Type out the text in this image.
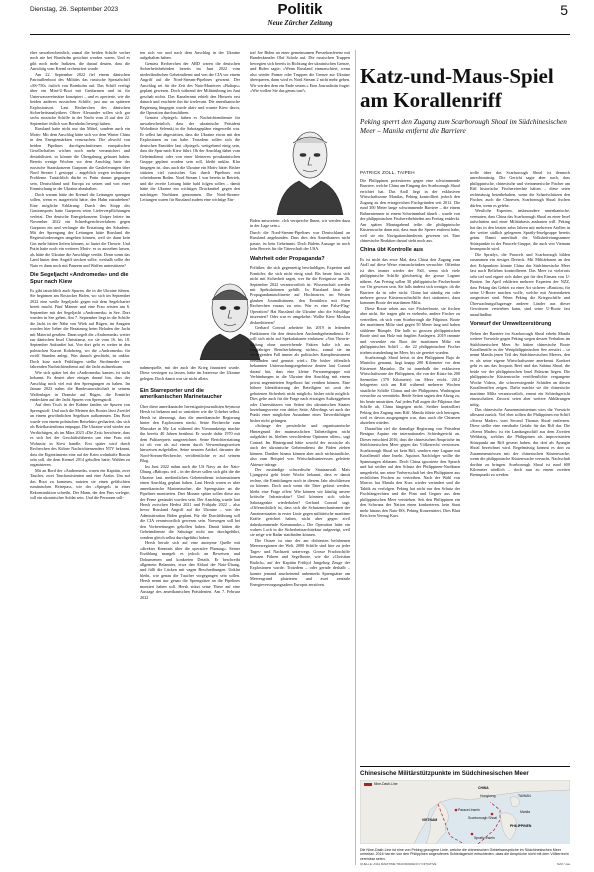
Dienstag, 26. September 2023	Politik
Neue Zürcher Zeitung
5

eher unwahrscheinlich, zumal die beiden Schiffe vorher noch nie bei Bornholm gesichtet worden waren. Und es gibt noch mehr Indizien, die darauf deuten, dass die Anrichtig vom Kreml orchestriert wurde.

Am 22. September 2022 fiel einem dänischen Patrouillenboot des Militärs das russische Spezialschiff «SS-750» östlich von Bornholm auf. Das Schiff verfügt über ein Mini-U-Boot mit Greifarmen und ist für Unterwassereinsätze konzipiert – und es operierte, wie die beiden anderen russischen Schiffe, just nur an späteren Explosionsort. Laut Recherchen des dänischen Sicherheitsanalytikers Oliver Alexander sollen sich gar sechs russische Schiffe in der Nacht vom 21.auf den 22. September östlich von Bornholm bewegt haben.

Russland hatte nicht nur das Mittel, sondern auch ein Motiv: Mit dem Anschlag hätte sich vor dem Winter China in den Energiemärkten verursachen. Die obwohl von beiden Pipelines durchgeschnittenen europäischen Gesellschaften wichen noch mehr verunsichert und destabilisiert, so könnte die Übergabung gelautet haben. Bereits wenige Wochen vor dem Anschlag hatte der russische Staatskonzern Gazprom die Gaslieferungen über Nord Stream 1 gestoppt – angeblich wegen technischer Probleme. Tatsächlich dürfte es Putin darum gegangen sein, Deutschland und Europa zu setzen und von einer Einmischung in der Ukraine abzuhalten.

Doch warum hätte der Kremel die Leitungen sprengen sollen, wenn es ausgereicht hätte, den Hahn zuzudrehen? Eine mögliche Erklärung: Durch den Stopp des Gastransports hatte Gazprom seine Lieferverpflichtungen verletzt. Der deutsche Energiekonzern Uniper leitete im November 2022 ein Schiedsgerichtverfahren gegen Gazprom ein und verlangte die Erstattung des Schadens. Mit der Sprengung der Leitungen hätte Russland die Regressforderungen umgehen können, weil sie dann kein Gas mehr hätten liefern können, so lautet die Theorie. Und Putin hatte noch ein weiteres Motiv: es so aussehen lassen, als hätte die Ukraine die Anschläge verübt. Denn wenn das Land hinter dem Angriff stecken sollte, weshalb sollte der Nato es dann noch mit Panzern und Waffen unterstützen?

Die Segeljacht «Andromeda» und die Spur nach Kiew

Es gibt tatsächlich auch Spuren, die in die Ukraine führen. Sie beginnen am Rostocker Hafen, wo sich im September 2022 eine weiße Segeljacht gegen mit dem Segelcharter bereit macht. Fünf Männer und eine Frau reisten am 6. September mit der Segeljacht «Andromeda» in See. Dort wurden in See gehen. Am 7. September liegt in die Schiffe die Jacht in der Nähe von Wiek auf Rügen, im Anzgarn worden hier lieber die Besatzung beim Beladen der Jacht mit Material gesehen. Dann segelt die «Andromeda» weiter zur dänischen Insel Christiansø, wo sie vom 16. bis 18. September Ankunftet hat. Von dort geht es weiter in den polnischen Kurort Kołobrzeg, wo die «Andromeda» für zwölf Stunden anlegt. Was danach geschieht, ist unklar. Doch kurz nach Frühlingen stellte Strohmeder vom fahrenden Nachrichtendienst auf die Jacht aufmerksam.

Wie sich später bei der «Andromeda» kamen, ist nicht bekannt. Es deutet aber einiges darauf hin, dass der Anschlag noch viel mit den Sprengungen zu haben. Im Januar 2023 nahm die Bandesanwaltschaft in seinem Waffenlager in Dranske auf Rügen, die Ermittler entdeckten auf der Jacht Spuren von Sprengstoff.

Auf dem Tisch in der Kabine fanden sie Spuren von Sprengstoff. Und auch die Meinen des Bootes lässt Zweifel an einem gewöhnlichen Segelturn aufkommen. Das Boot wurde von einem polnischen Reisebüro gechartert, das sich als Briefkastenfirma entpuppt. Die Ukraine wird wieder zur Verdächtigen, als im März 2023 «Die Zeit» berichtete, dass es sich bei der Geschäftsführerin um eine Frau mit Wohnsitz in Kiew handle. Erst später wird durch Recherchen des Kölner Nachrichtensenders NTV bekannt, dass die Eigentümerin eine auf der Krim wohnhafte Russin sein soll, die dem Kremel 2014 geholfen hatte, Wahlen zu organisieren.

Mit an Bord der «Andromeda» waren ein Kapitän, zwei Taucher, zwei Tauchassistenten und eine Ärztin. Um auf das Boot zu kommen, nutzten sie einen gefälschten rumänischen Reisepass, wie der «Spiegel» in einer Rekonstruktion schreibt. Der Mann, der den Pass vorlegte, soll ein ukrainischer Soldat sein. Und die Personen soll-

ten sich vor und nach dem Anschlag in der Ukraine aufgehalten haben.

Gemäss Recherchen der ARD waren die deutschen Sicherheitsbehörden bereits im Juni 2022 vom niederländischen Geheimdienst und von der CIA vor einem Angriff auf die Nord-Stream-Pipelines gewarnt. Der Anschlag sei für die Zeit des Nato-Manövers «Baltops» geplant gewesen. Doch während der Militärübung im Juni geschah nichts. Das Kanzleramt erhielt den Hinweis erst danach und erachtete ihn für irrelevant. Die amerikanische Regierung hingegen wurde aktiv und warnte Kiew davor, die Operation durchzuführen.

Gemäss «Spiegel» haben es Nachrichtendienste für unwahrscheinlich, dass der ukrainische Präsident Wolodimir Selenski in die Sabotagepläne eingeweiht war. Er selbst hat abgestritten, dass die Ukraine etwas mit den Explosionen zu tun habe. Trotzdem sollen sich die deutschen Ermittler laut «Spiegel» weitgehend einig sein, dass die Spur nach Kiew führt. Ob der Anschlag dabei vom Geheimdienst oder von einer kleineren proukrainischen Gruppe geplant worden sein soll, bleibt unklar. Klar hingegen ist, dass auch die Ukraine ein Motiv hätte: Bisher stützten viel russisches Gas durch Pipelines mit scheinbarem Boden. Nord Stream 1 war bereits in Betrieb, und die zweite Leitung hätte bald folgen sollen – damit hätte die Ukraine ein wichtiges Druckmittel gegen den mächtigen Nachbarn genommen. Die Nord-Stream-Leitungen waren für Russland zudem eine wichtige Ein-

nahmequelle, mit der auch der Krieg finanziert wurde. Diese versiegen zu lassen, hätte im Interesse der Ukraine gelegen. Doch damit war sie nicht allein.
Ein Starreporter und die amerikanischen Marinetaucher

Über diese amerikanische Investigativjournalisten Seymour Hersh ist bekannt und so unstritten wie die Urheber selbst. Hersh ist überzeugt, dass die amerikanische Regierung hinter den Explosionen steckt. Seine Recherche zum Massaker in My Lai während des Vietnamkriegs machte ihn bereits 40 Jahren berühmt. Er wurde dafür 1970 mit dem Pulitzerpreis ausgezeichnet. Seine Berichterstattung ist oft von als auf einem durch Verwendungsweisen hinweisen aufgefallen. Seine neusten Artikel, darunter die Nord-Stream-Recherche, veröffentlichte er auf seinem Blog.

Im Juni 2022 nahm auch die US Navy an der Nato-Übung «Baltops» teil – in der dieser sollen sich gibt die die Ukraine laut medienlichen Geheimdienst informationen einen Anschlag geplant haben. Laut Hersh waren es aber amerikanische Marinetaucher, die Sprengsätze an die Pipelines montierten. Drei Monate später sollen diese aus der Ferne gezündet worden sein. Der Anschlag wurde laut Hersh zwischen Herbst 2021 und Frühjahr 2022 – also bevor Russland Angriff auf die Ukraine – von der Administration Biden geplant. Für die Durchführung soll die CIA verantwortlich gewesen sein. Norwegen soll bei den Vorbereitungen geholfen haben. Damit hätten die Geheimdienste die Sabotage nicht nur durchgeführt, sondern gleich selbst durchgeführt haben.

Hersh berufe sich auf eine anonyme Quelle mit «direkter Kenntnis über die operative Planung». Seiner Erzählung mangelt es jedoch an Beweisen und Dokumenten und konkreten Details. Er beschreibt allgemein Belanntes, etwa den Ablauf der Nato-Übung, und füllt die Lücken mit vagen Beschreibungen. Unklar bleibt, wie genau die Taucher vorgegangen sein sollen. Hersh nennt nur genau die Sprengsätze an die Pipelines montiert haben soll. Hersh stützt seine These auf eine Aussage des amerikanischen Präsidenten. Am 7. Februar 2022

traf Joe Biden an einer gemeinsamen Pressekonferenz mit Bundeskanzler Olaf Scholz auf. Die russischen Truppen bewegten sich bereits in Richtung der ukrainischen Grenze, und Biden sagte: «Wenn Russland einmarschiert, wenn also wieder Panzer oder Truppen die Grenze zur Ukraine überqueren, dann wird es Nord Stream 2 nicht mehr geben. Wir werden dem ein Ende setzen.» Eine Journalistin fragte: «Wie wollen Sie das genau tun?»

Biden antwortete: «Ich verspreche Ihnen, wir werden dazu in der Lage sein.»

Durch die Nord-Stream-Pipelines war Deutschland an Russland angebunden. Dass dies den Amerikanern nicht passte, ist kein Geheimnis. Doch Bidens Aussage ist noch kein Beweis für die Täterschaft der USA.

Wahrheit oder Propaganda?

Politiker, die sich gegenseitig beschuldigen, Experten und Ermittler, die sich nicht einig sind: Bis heute lässt sich nicht mit Sicherheit sagen, wer für die Ereignisse am 26. September 2022 verantwortlich ist. Wissenschaft werden mit Spekulationen gefüllt. In Russland lässt die Propagandamaschinerie auf Hochtouren, im Westen glauben Journalistinnen, den Ermittlern mit ihren Recherchen voraus zu sein. War es eine False-Flag-Operation? Hat Russland die Ukraine also die Schuldige inszeniert? Oder war es umgekehrt: Wollte Kiew Moskau diskreditieren?

Gerhard Conrad arbeitete bis 2019 in leitenden Funktionen für den deutschen Auslandsgeheimdienst. Er will sich nicht auf Spekulationen einlassen: «Von Theorie-bildung ohne ausreichende Fakten halte ich aus langjähriger Berufserfahrung nichts», zumal sie im vorliegenden Fall immer als politisches Kampfinstrument verstanden und genutzt wird.» Die bisher öffentlich bekannten Untersuchungsergebnisse deuten laut Conrad darauf hin, dass eine kleine Personengruppe mit Verbindungen in die Ukraine den Anschlag mit einem privat angemieteten Segelboot hat verüben können. Eine höhere Identifizierung der Beteiligten sei «mit der gebotenen Sicherheit nicht möglich» bisher nicht möglich. Dies gelte auch für die Frage nach etwaigen Auftraggebern oder Unterstützern von Seiten des ukrainischen Staates beziehungsweise von dritter Seite. Allerdings sei auch der Punkt einer möglichen Ausnahme eines Tatverdächtigen bisher nicht gelungen.

«Solange der persönliche und organisatorische Hintergrund der mutmasslichen Tatbeteiligten nicht aufgeklärt ist, bleiben verschiedene Optionen offen», sagt Conrad. Im Hintergrund hätte sowohl der russische als auch der ukrainische Geheimdienst die Fäden ziehen können. Darüber hinaus können aber auch nichtstaatliche, also zum Beispiel von Wirtschaftsinteressen geleitete Akteure infrage.

Der zuständige schwedische Staatsanwalt Mats Ljungqvist geht letzte Woche bekannt, dass er damit rechne, die Ermittlungen noch in diesem Jahr abschliessen zu können. Doch auch wenn die Täter gefasst werden, bleibt eine Frage offen: Wie können wir künftig unsere kritische Infrastruktur? Und könnten sich solche Sabotageakte wiederholen? Gerhard Conrad sagt: «Offensichtlich ist, dass sich die Schutzmechanismen der Anrainerstaaten in erster Linie gegen militärische maritime Kräfte gerichtet haben, nicht aber gegen zivil daherkommende Kommandos.» Die Operation habe ein wahres Loch in die Sicherheitsarchitektur aufgezeigt, weil sie zeige wie Radar stattfinden können.

Die Ostsee ist eine der am dichtesten befahrenen Meeresregionen der Welt. 2000 Schiffe sind hier zu jeder Tages- und Nachtzeit unterwegs. Grosse Frachtschiffe kreuzen Fähren und Segelboote, wie die «Christian Radich», auf der Kapitän Frithjof Jungeling Zeuge der Explosionen wurde. Trotzdem – oder gerade deshalb – konnte jemand anscheinend unbemerkt Sprengsätze am Meeresgrund platzieren und zwei zentrale Energieversorgungsadern Europas zerstören.

Katz-und-Maus-Spiel am Korallenriff
Peking sperrt den Zugang zum Scarborough Shoal im Südchinesischen Meer – Manila entfernt die Barriere
PATRICK ZOLL, TAIPEH

Die Philippinen protestieren gegen eine schwimmende Barriere, welche China am Eingang des Scarborough Shoal errichtet hat. Das Atoll liegt in der exklusiven Wirtschaftszone Manilas, Peking kontrolliert jedoch den Zugang zu den ertragreichen Fischgründen seit 2012. Die rund 300 Meter lange schwimmende Barriere – die einem Bahnentrenner in einem Schwimmbad ähnelt – wurde von der philippinischen Fischereibehörden am Freitag entdeckt. Am späten Montagabend teilte die philippinische Küstenwache dann mit, dass man die Sperre entfernt habe, weil sie ein Navigationshindernis gewesen sei. Eine chinesische Reaktion darauf steht noch aus.

China übt Kontrolle aus

Es ist nicht das erste Mal, dass China den Zugang zum Atoll auf diese Weise einzuschränken versuchte: Offenbar ist dies immer wieder der Fall, wenn sich viele philippinische Schiffe gleichzeitig die grosse Lagune nähern. Am Freitag sollen 50 philippinische Fischerboote vor Ort gewesen sein. Sie falls änderst sich weniger, ob die Barriere da ist oder nicht: China hat ständig ein oder mehrere grosse Küstenwachschiffe dort stationiert, dazu kommen Boote der maritimen Miliz.

Diese Boote sehen aus wie Fischerboote, sie fischen aber nicht. Sie tragen gibt es vielmehr, andere Fischer zu vertreiben, ob sich vom Scarborough die Filipinos. Boote der maritimen Miliz sind gegen 50 Meter lang und haben stählerne Rümpfe. Die halb so grossen philippinischen Boote sind aus Holz mit fragilen Auslegern. 2019 rammte und versenkte ein Boot der maritimen Miliz ein philippinisches Schiff – die 22 philippinischen Fischer trieben stundenlang im Meer, bis sie gerettet wurden.

Scarborough Shoal heisst in den Philippinen Bajo de Masinloc genannt, liegt knapp 200 Kilometer vor dem Küstenort Masinloc. Da ist innerhalb der exklusiven Wirtschaftszone der Philippinen, die von der Küste bis 200 Seemeilen (370 Kilometer) ins Meer reicht. 2012 belagerten sich am Riff während mehrerer Wochen staatliche Schiffe Chinas und der Philippinen. Washington versuchte zu vermitteln. Beide Seiten sagten den Abzug zu, bis heute umstritten. Auf jeden Fall zogen die Filipinos ihre Schiffe ab, China hingegen nicht. Seither kontrolliert Peking den Zugang zum Riff. Manila führte sich betrogen, weil es davon ausgegangen war, dass auch die Chinesen abziehen würden.

Daraufhin rief die damalige Regierung von Präsident Benigno Aquino ein internationales Schiedsgericht an. Dieses entschied 2016, dass die chinesischen Ansprüche im Südchinesischen Meer gegen das Völkerrecht verstossen. Scarborough Shoal sei kein Riff, sondern eine Lagune mit Korallenriff ohne Inseln. Aquinos Nachfolger wollte die Spannungen abbauen. Doch China ignorierte den Spruch und hat seither auf den Schutz der Philippinen-Nachbarn umgedreht, um seine Vorherrschaft bei den Philippinen aus rechtlichen Fischen zu vertreiben. Nach der Wahl von Marcos hat Manila den Kurs wieder verändert und die Taktik zu verfolgen. Peking hat nicht nur den Schutz der Fischfangrechten und die Pinn und Gegner aus dem philippinischen Meer vertrieben. Seit den Philippinen ein den Schwanz der Nation einen konkreteren, kein Staat mehr hinaus den Nato-ISS, Peking Konzentriert, Dies Blatt Reis kein Vertrag Kurs.

trolle über das Scarborough Shoal ist dennoch unrechtmässig. Die Gericht sagte aber auch, dass philippinische, chinesische und vietnamesische Fischer am Riff historische Fischereirechte hätten – diese seien rechtmässig beizubehalten, wenn die Scharfschützen den Fischer, auch die Chinesen, Scarborough Shoal fischen dürfen, wenn es gelebe.

Westliche Experten, insbesondere amerikanische, vermuten, dass China das Scarborough Shoal zu einer Insel aufschütten und einer Militärbasis ausbauen will. Peking hat das in den letzten zehn Jahren mit mehreren Atollen in der weiter südlich gelegenen Spratly-Inselgruppe bereits getan. Damit unterläuft die Volksbefreiungsarmee Stützpunkte in der Paracels-Gruppe, die auch von Vietnam beansprucht wird.

Die Spratlys, die Paracels und Scarborough bilden zusammen ein riesiges Dreieck. Mit Militärbasen an den drei Eckpunkten könnte China das Südchinesische Meer fast nach Belieben kontrollieren. Das Meer ist vielerorts sehr tief und eignet sich daher gut für den Einsatz von U-Booten. Im April erklärten mehrere Experten der NZZ, dass Peking das Gebiet zu einer Art sicherer «Bastion» für seine U-Boote machen wolle, welche mit Atomraketen ausgerüstet sind. Wenn Peking die Kriegsschiffe und Überwachungsflugzeuge anderer Länder aus dieser Gewässern vertrieben kann, sind seine U-Boote fast unauffindbar.

Vorwurf der Umweltzerstörung

Neben der Barriere im Scarborough Shoal erhebt Manila weitere Vorwürfe gegen Peking wegen dessen Verhalten im Südchinesischen Meer. So hätten chinesische Boote Korallenriffe in der Westphilippinischen See zerstört – so nennt Manila jenen Teil des Südchinesischen Meeres, den es als seine eigene Wirtschaftszone anerkennt. Konkret geht es um das Iroquois Reef und das Sabina Shoal, die beide vor der philippinischen Insel Palawan liegen. Die philippinische Küstenwache veröffentlichte vergangene Woche Videos, die schwerwiegende Schäden an diesen Korallenriffen zeigen. Dafür machte sie die chinesische maritime Miliz verantwortlich, erneut ein Schiedsgericht einzuschalten. Zuvorst seien aber weitere Abklärungen nötig.

Das chinesische Aussenministerium wies die Vorwürfe allesamt zurück. Viel eher sollten die Philippinen ein Schiff «Sierra Madre» vom Second Thomas Shoal entfernen. Diese stellte eine ernsthafte Gefahr für das Riff dar. Die «Sierra Madre» ist ein Landungsschiff aus dem Zweiten Weltkrieg, welches die Philippinen als improvisierten Stützpunkt am Riff gesetzt haben, das dort als Ayungin Shoal bezeichnet wird. Regelmässig kommt es dort zu Zusammenstössen mit der chinesischen Küstenwache, wenn die philippinische Küstenwache versucht, Nachschub dorthin zu bringen. Scarborough Shoal ist rund 600 Kilometer nördlich – doch nun zu einem zweiten Brennpunkt zu werden.

Chinesische Militärstützpunkte im Südchinesischen Meer
Nine-Dash-Line
CHINA
TAIWAN
VIETNAM
PHILIPPINEN
Paracel-Inseln
Scarborough Shoal
Spratly-Inseln
Hongkong
Manila
Die Nine-Dash-Line ist eine von Peking gezogene Linie, welche die chinesischen Gebietsansprüche im Südchinesischen Meer umreisst. 2016 hat ein von den Philippinen angerufenes Schiedsgericht entschieden, dass die Ansprüche nicht mit dem Völkerrecht vereinbar seien.
QUELLE: ASIA MARITIME TRANSPARENCY INITIATIVE	NZZ / sas
